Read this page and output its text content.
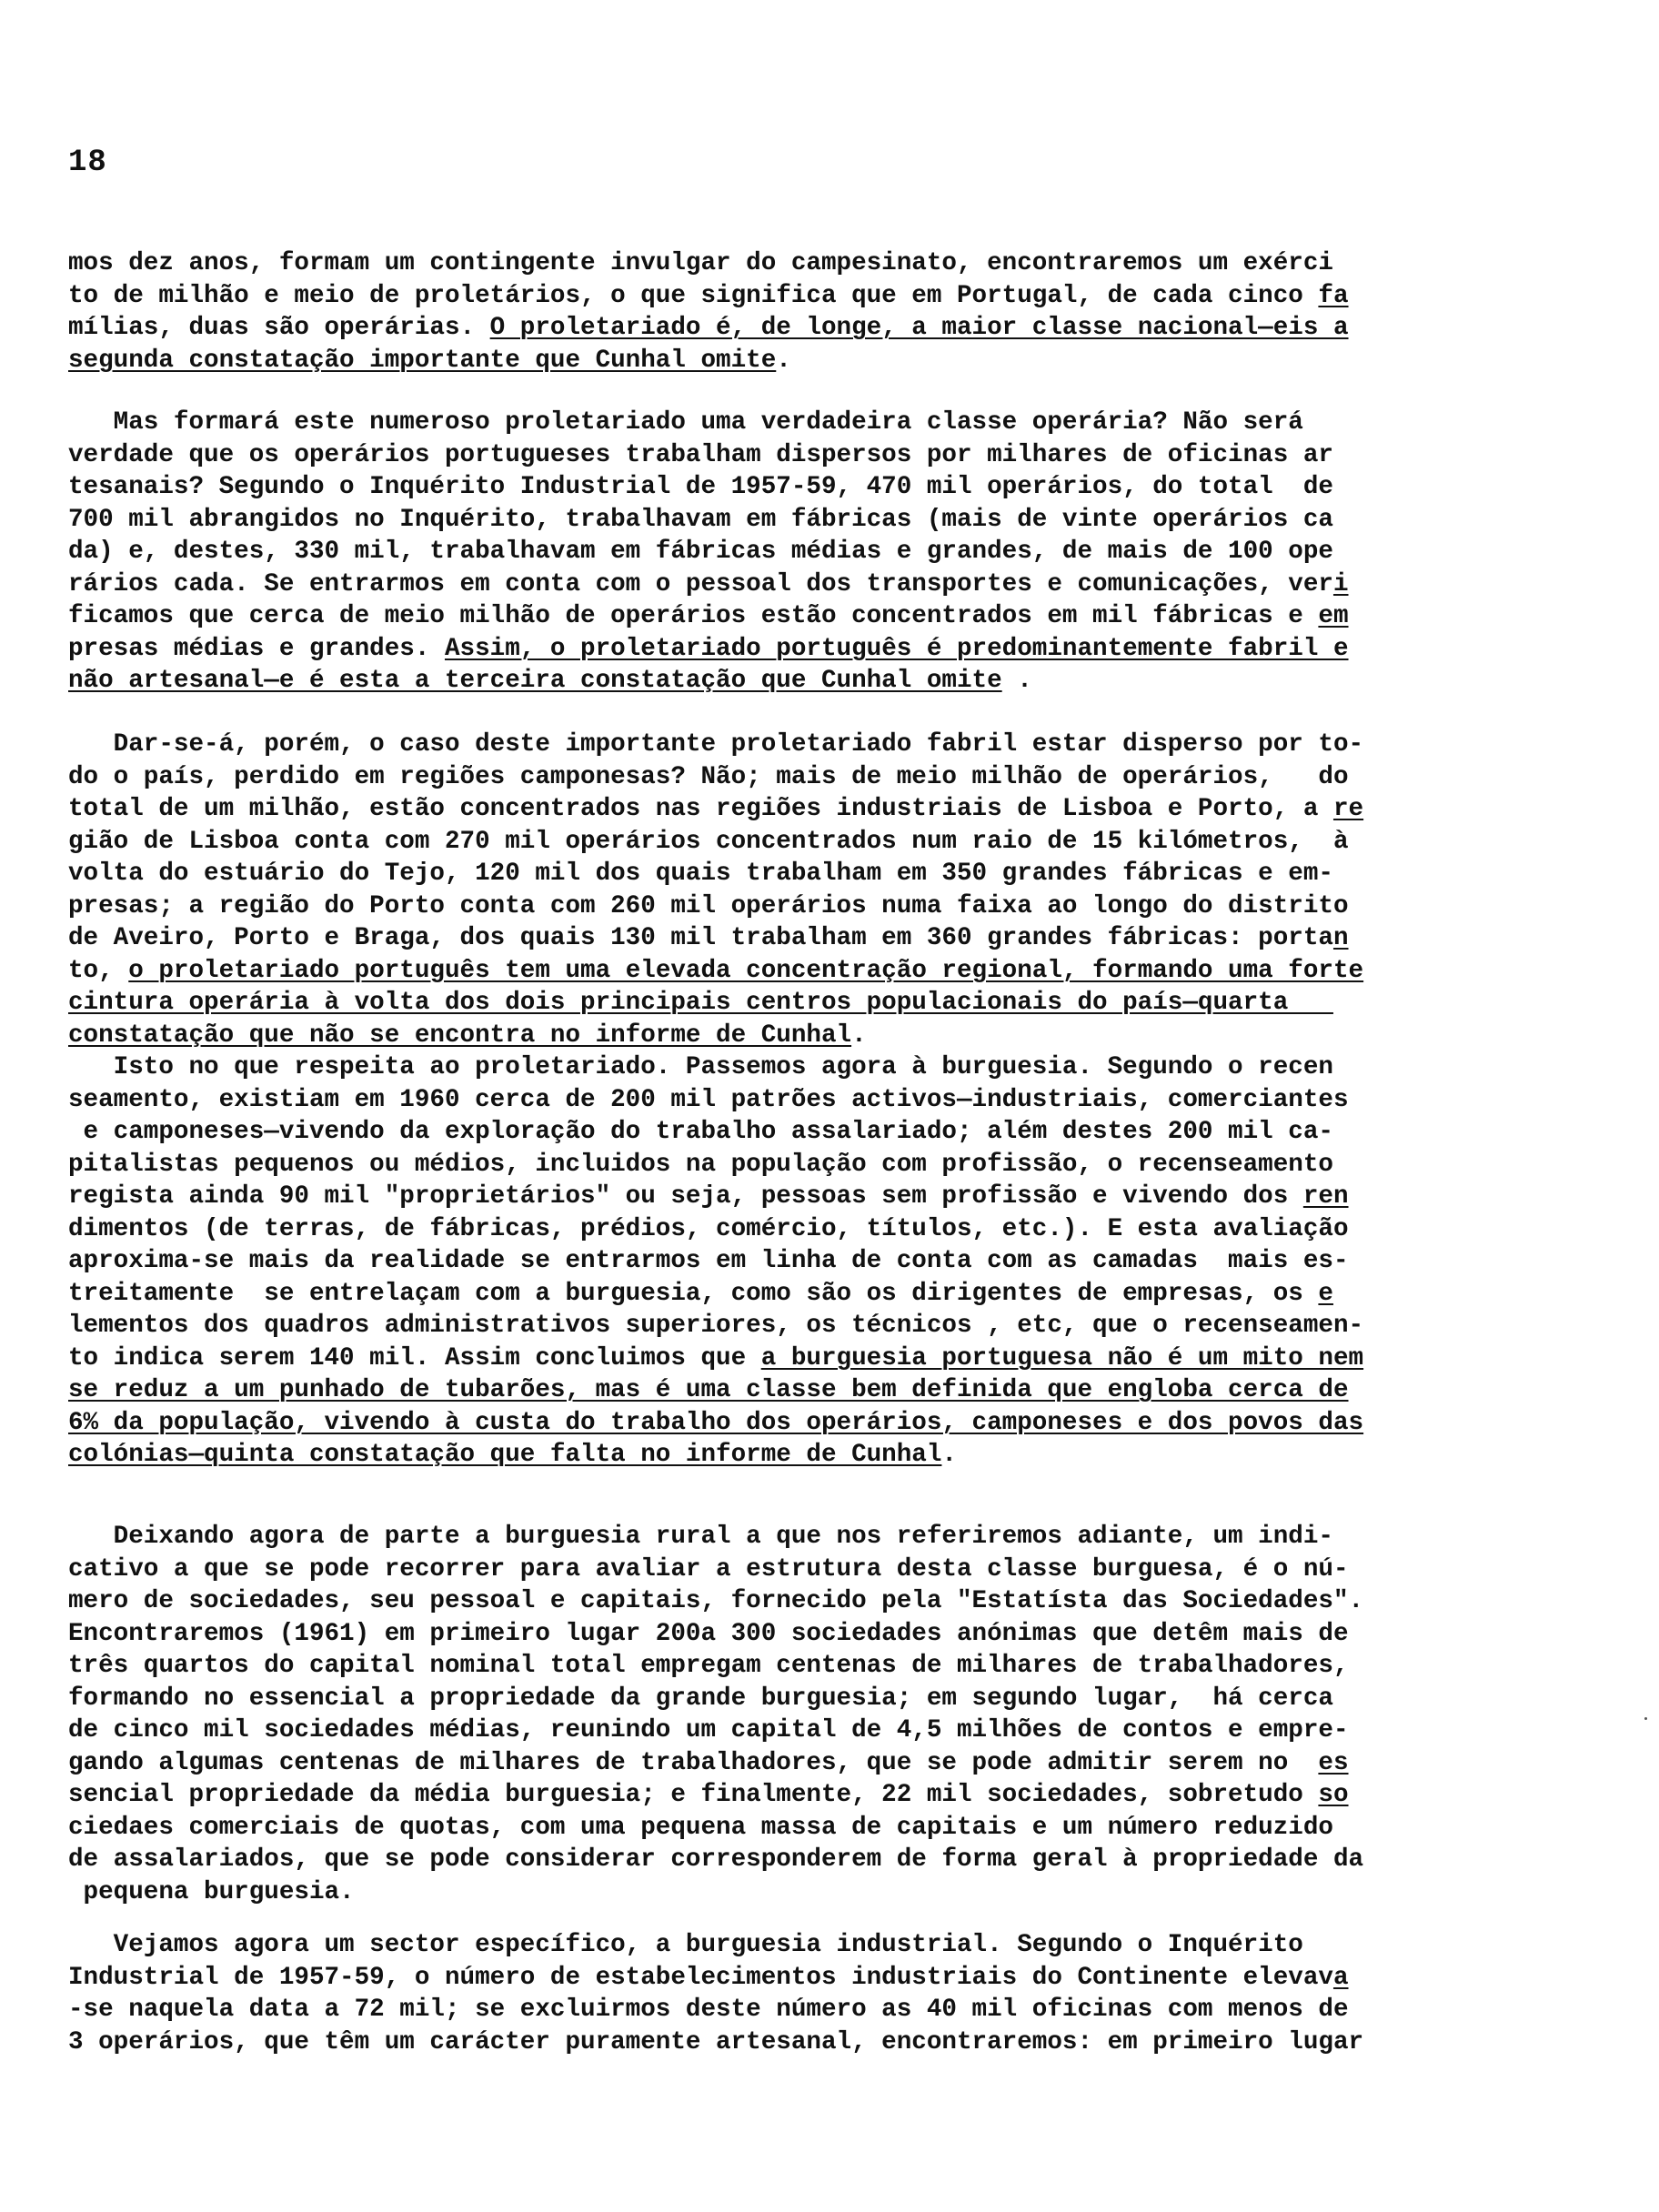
18
mos dez anos, formam um contingente invulgar do campesinato, encontraremos um exérci
to de milhão e meio de proletários, o que significa que em Portugal, de cada cinco fa
mílias, duas são operárias. O proletariado é, de longe, a maior classe nacional—eis a
segunda constatação importante que Cunhal omite.
Mas formará este numeroso proletariado uma verdadeira classe operária? Não será
verdade que os operários portugueses trabalham dispersos por milhares de oficinas ar
tesanais? Segundo o Inquérito Industrial de 1957-59, 470 mil operários, do total  de
700 mil abrangidos no Inquérito, trabalhavam em fábricas (mais de vinte operários ca
da) e, destes, 330 mil, trabalhavam em fábricas médias e grandes, de mais de 100 ope
rários cada. Se entrarmos em conta com o pessoal dos transportes e comunicações, veri
ficamos que cerca de meio milhão de operários estão concentrados em mil fábricas e em
presas médias e grandes. Assim, o proletariado português é predominantemente fabril e
não artesanal—e é esta a terceira constatação que Cunhal omite .
Dar-se-á, porém, o caso deste importante proletariado fabril estar disperso por to-
do o país, perdido em regiões camponesas? Não; mais de meio milhão de operários,   do
total de um milhão, estão concentrados nas regiões industriais de Lisboa e Porto, a re
gião de Lisboa conta com 270 mil operários concentrados num raio de 15 kilómetros,  à
volta do estuário do Tejo, 120 mil dos quais trabalham em 350 grandes fábricas e em-
presas; a região do Porto conta com 260 mil operários numa faixa ao longo do distrito
de Aveiro, Porto e Braga, dos quais 130 mil trabalham em 360 grandes fábricas: portan
to, o proletariado português tem uma elevada concentração regional, formando uma forte
cintura operária à volta dos dois principais centros populacionais do país—quarta
constatação que não se encontra no informe de Cunhal.
Isto no que respeita ao proletariado. Passemos agora à burguesia. Segundo o recen
seamento, existiam em 1960 cerca de 200 mil patrões activos—industriais, comerciantes
e camponeses—vivendo da exploração do trabalho assalariado; além destes 200 mil ca-
pitalistas pequenos ou médios, incluidos na população com profissão, o recenseamento
regista ainda 90 mil "proprietários" ou seja, pessoas sem profissão e vivendo dos ren
dimentos (de terras, de fábricas, prédios, comércio, títulos, etc.). E esta avaliação
aproxima-se mais da realidade se entrarmos em linha de conta com as camadas  mais es-
treitamente  se entrelaçam com a burguesia, como são os dirigentes de empresas, os e
lementos dos quadros administrativos superiores, os técnicos , etc, que o recenseamen-
to indica serem 140 mil. Assim concluimos que a burguesia portuguesa não é um mito nem
se reduz a um punhado de tubarões, mas é uma classe bem definida que engloba cerca de
6% da população, vivendo à custa do trabalho dos operários, camponeses e dos povos das
colónias—quinta constatação que falta no informe de Cunhal.
Deixando agora de parte a burguesia rural a que nos referiremos adiante, um indi-
cativo a que se pode recorrer para avaliar a estrutura desta classe burguesa, é o nú-
mero de sociedades, seu pessoal e capitais, fornecido pela "Estatísta das Sociedades".
Encontraremos (1961) em primeiro lugar 200a 300 sociedades anónimas que detêm mais de
três quartos do capital nominal total empregam centenas de milhares de trabalhadores,
formando no essencial a propriedade da grande burguesia; em segundo lugar,  há cerca
de cinco mil sociedades médias, reunindo um capital de 4,5 milhões de contos e empre-
gando algumas centenas de milhares de trabalhadores, que se pode admitir serem no  es
sencial propriedade da média burguesia; e finalmente, 22 mil sociedades, sobretudo so
ciedaes comerciais de quotas, com uma pequena massa de capitais e um número reduzido
de assalariados, que se pode considerar corresponderem de forma geral à propriedade da
pequena burguesia.
Vejamos agora um sector específico, a burguesia industrial. Segundo o Inquérito
Industrial de 1957-59, o número de estabelecimentos industriais do Continente elevava
-se naquela data a 72 mil; se excluirmos deste número as 40 mil oficinas com menos de
3 operários, que têm um carácter puramente artesanal, encontraremos: em primeiro lugar
